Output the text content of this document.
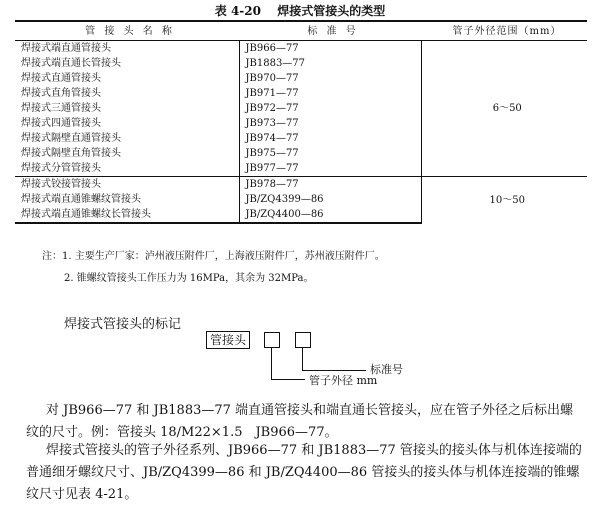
表 4-20 焊接式管接头的类型
管 接 头 名 称	标 准 号	管子外径范围（mm）
焊接式端直通管接头	JB966—77	6～50
焊接式端直通长管接头	JB1883—77	
焊接式直通管接头	JB970—77	
焊接式直角管接头	JB971—77	
焊接式三通管接头	JB972—77	
焊接式四通管接头	JB973—77	
焊接式隔壁直通管接头	JB974—77	
焊接式隔壁直角管接头	JB975—77	
焊接式分管管接头	JB977—77	
焊接式铰接管接头	JB978—77	10～50
焊接式端直通锥螺纹管接头	JB/ZQ4399—86	
焊接式端直通锥螺纹长管接头	JB/ZQ4400—86	
注：1. 主要生产厂家：泸州液压附件厂，上海液压附件厂，苏州液压附件厂。
2. 锥螺纹管接头工作压力为 16MPa，其余为 32MPa。
焊接式管接头的标记
管接头
标准号
管子外径 mm
对 JB966—77 和 JB1883—77 端直通管接头和端直通长管接头，应在管子外径之后标出螺纹的尺寸。例：管接头 18/M22×1.5　JB966—77。
焊接式管接头的管子外径系列、JB966—77 和 JB1883—77 管接头的接头体与机体连接端的普通细牙螺纹尺寸、JB/ZQ4399—86 和 JB/ZQ4400—86 管接头的接头体与机体连接端的锥螺纹尺寸见表 4-21。
